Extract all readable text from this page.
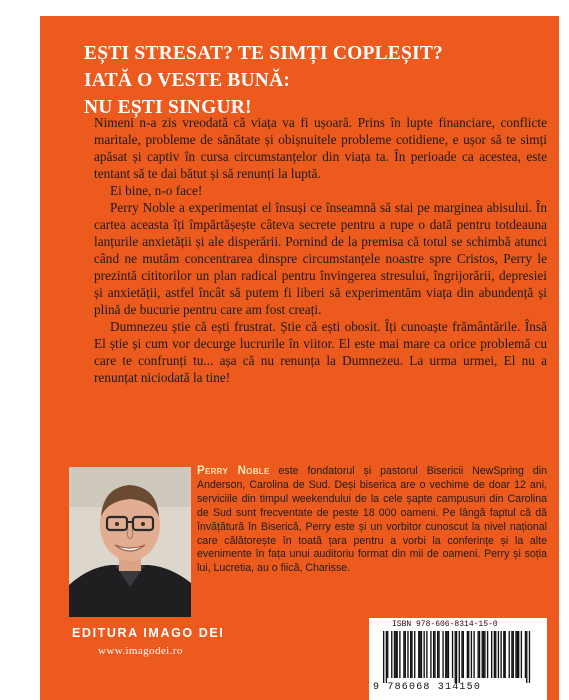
EȘTI STRESAT? TE SIMȚI COPLEȘIT?
IATĂ O VESTE BUNĂ:
NU EȘTI SINGUR!

Nimeni n-a zis vreodată că viața va fi ușoară. Prins în lupte financiare, conflicte maritale, probleme de sănătate și obișnuitele probleme cotidiene, e ușor să te simți apăsat și captiv în cursa circumstanțelor din viața ta. În perioade ca acestea, este tentant să te dai bătut și să renunți la luptă.

Ei bine, n-o face!

Perry Noble a experimentat el însuși ce înseamnă să stai pe marginea abisului. În cartea aceasta îți împărtășește câteva secrete pentru a rupe o dată pentru totdeauna lanțurile anxietății și ale disperării. Pornind de la premisa că totul se schimbă atunci când ne mutăm concentrarea dinspre circumstanțele noastre spre Cristos, Perry le prezintă cititorilor un plan radical pentru învingerea stresului, îngrijorării, depresiei și anxietății, astfel încât să putem fi liberi să experimentăm viața din abundență și plină de bucurie pentru care am fost creați.

Dumnezeu știe că ești frustrat. Știe că ești obosit. Îți cunoaște frământările. Însă El știe și cum vor decurge lucrurile în viitor. El este mai mare ca orice problemă cu care te confrunți tu... așa că nu renunța la Dumnezeu. La urma urmei, El nu a renunțat niciodată la tine!

Perry Noble este fondatorul și pastorul Bisericii NewSpring din Anderson, Carolina de Sud. Deși biserica are o vechime de doar 12 ani, serviciile din timpul weekendului de la cele șapte campusuri din Carolina de Sud sunt frecventate de peste 18 000 oameni. Pe lângă faptul că dă învățătură în Biserică, Perry este și un vorbitor cunoscut la nivel național care călătorește în toată țara pentru a vorbi la conferințe și la alte evenimente în fața unui auditoriu format din mii de oameni. Perry și soția lui, Lucretia, au o fiică, Charisse.
EDITURA IMAGO DEI
www.imagodei.ro
ISBN 978-606-8314-15-0
9 786068 314150
